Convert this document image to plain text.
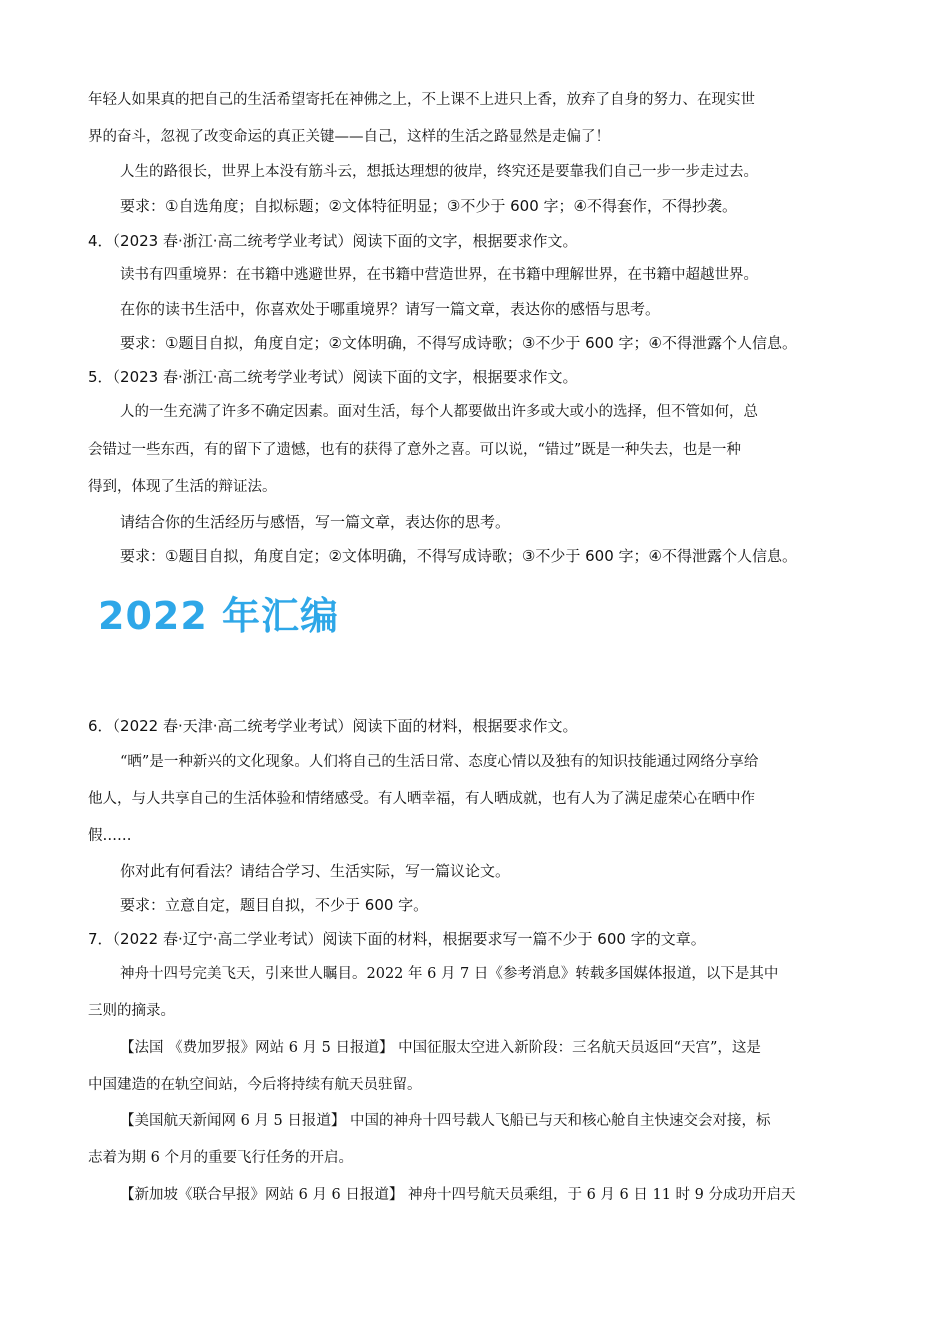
年轻人如果真的把自己的生活希望寄托在神佛之上，不上课不上进只上香，放弃了自身的努力、在现实世
界的奋斗，忽视了改变命运的真正关键——自己，这样的生活之路显然是走偏了！
人生的路很长，世界上本没有筋斗云，想抵达理想的彼岸，终究还是要靠我们自己一步一步走过去。
要求：①自选角度；自拟标题；②文体特征明显；③不少于 600 字；④不得套作，不得抄袭。
4．（2023 春·浙江·高二统考学业考试）阅读下面的文字，根据要求作文。
读书有四重境界：在书籍中逃避世界，在书籍中营造世界，在书籍中理解世界，在书籍中超越世界。
在你的读书生活中，你喜欢处于哪重境界？请写一篇文章，表达你的感悟与思考。
要求：①题目自拟，角度自定；②文体明确，不得写成诗歌；③不少于 600 字；④不得泄露个人信息。
5．（2023 春·浙江·高二统考学业考试）阅读下面的文字，根据要求作文。
人的一生充满了许多不确定因素。面对生活，每个人都要做出许多或大或小的选择，但不管如何，总
会错过一些东西，有的留下了遗憾，也有的获得了意外之喜。可以说，“错过”既是一种失去，也是一种
得到，体现了生活的辩证法。
请结合你的生活经历与感悟，写一篇文章，表达你的思考。
要求：①题目自拟，角度自定；②文体明确，不得写成诗歌；③不少于 600 字；④不得泄露个人信息。
2022 年汇编
6．（2022 春·天津·高二统考学业考试）阅读下面的材料，根据要求作文。
“晒”是一种新兴的文化现象。人们将自己的生活日常、态度心情以及独有的知识技能通过网络分享给
他人，与人共享自己的生活体验和情绪感受。有人晒幸福，有人晒成就，也有人为了满足虚荣心在晒中作
假……
你对此有何看法？请结合学习、生活实际，写一篇议论文。
要求：立意自定，题目自拟，不少于 600 字。
7．（2022 春·辽宁·高二学业考试）阅读下面的材料，根据要求写一篇不少于 600 字的文章。
神舟十四号完美飞天，引来世人瞩目。2022 年 6 月 7 日《参考消息》转载多国媒体报道，以下是其中
三则的摘录。
【法国 《费加罗报》网站 6 月 5 日报道】 中国征服太空进入新阶段：三名航天员返回“天宫”，这是
中国建造的在轨空间站，今后将持续有航天员驻留。
【美国航天新闻网 6 月 5 日报道】 中国的神舟十四号载人飞船已与天和核心舱自主快速交会对接，标
志着为期 6 个月的重要飞行任务的开启。
【新加坡《联合早报》网站 6 月 6 日报道】 神舟十四号航天员乘组，于 6 月 6 日 11 时 9 分成功开启天
